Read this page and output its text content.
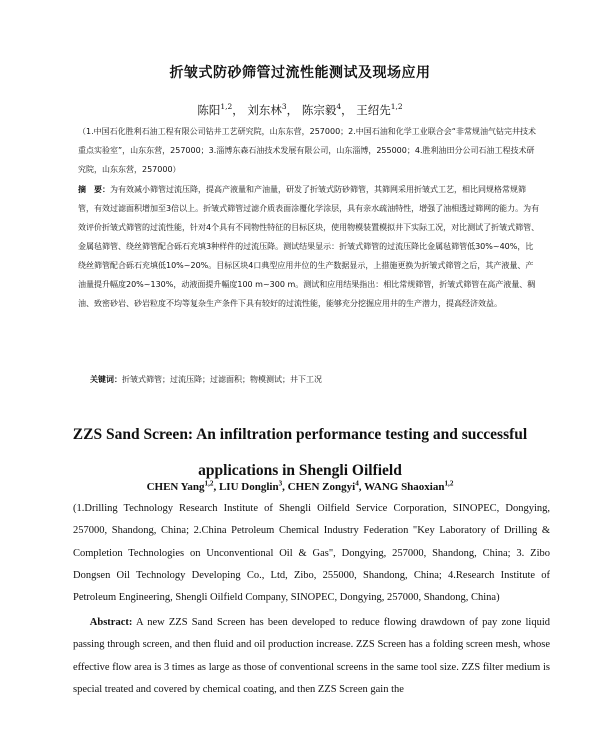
折皱式防砂筛管过流性能测试及现场应用
陈阳$^{1,2}$， 刘东林$^3$， 陈宗毅$^4$， 王绍先$^{1,2}$
（1.中国石化胜利石油工程有限公司钻井工艺研究院，山东东营，257000；2.中国石油和化学工业联合会“非常规油气钻完井技术重点实验室”，山东东营，257000；3.淄博东森石油技术发展有限公司，山东淄博，255000；4.胜利油田分公司石油工程技术研究院，山东东营，257000）
摘　要：为有效减小筛管过流压降，提高产液量和产油量，研发了折皱式防砂筛管，其筛网采用折皱式工艺，相比同规格常规筛管，有效过滤面积增加至3倍以上。折皱式筛管过滤介质表面涂覆化学涂层，具有亲水疏油特性，增强了油相透过筛网的能力。为有效评价折皱式筛管的过流性能，针对4个具有不同物性特征的目标区块，使用物模装置模拟井下实际工况，对比测试了折皱式筛管、金属毡筛管、绕丝筛管配合砾石充填3种样件的过流压降。测试结果显示：折皱式筛管的过流压降比金属毡筛管低30%~40%，比绕丝筛管配合砾石充填低10%~20%。目标区块4口典型应用井位的生产数据显示，上措施更换为折皱式筛管之后，其产液量、产油量提升幅度20%~130%，动液面提升幅度100 m~300 m。测试和应用结果指出：相比常规筛管，折皱式筛管在高产液量、稠油、致密砂岩、砂岩粒度不均等复杂生产条件下具有较好的过流性能，能够充分挖掘应用井的生产潜力，提高经济效益。
关键词：折皱式筛管；过流压降；过滤面积；物模测试；井下工况
ZZS Sand Screen: An infiltration performance testing and successful applications in Shengli Oilfield
CHEN Yang$^{1,2}$, LIU Donglin$^3$, CHEN Zongyi$^4$, WANG Shaoxian$^{1,2}$
(1.Drilling Technology Research Institute of Shengli Oilfield Service Corporation, SINOPEC, Dongying, 257000, Shandong, China; 2.China Petroleum Chemical Industry Federation "Key Laboratory of Drilling & Completion Technologies on Unconventional Oil & Gas", Dongying, 257000, Shandong, China; 3. Zibo Dongsen Oil Technology Developing Co., Ltd, Zibo, 255000, Shandong, China; 4.Research Institute of Petroleum Engineering, Shengli Oilfield Company, SINOPEC, Dongying, 257000, Shandong, China)
Abstract: A new ZZS Sand Screen has been developed to reduce flowing drawdown of pay zone liquid passing through screen, and then fluid and oil production increase. ZZS Screen has a folding screen mesh, whose effective flow area is 3 times as large as those of conventional screens in the same tool size. ZZS filter medium is special treated and covered by chemical coating, and then ZZS Screen gain the
